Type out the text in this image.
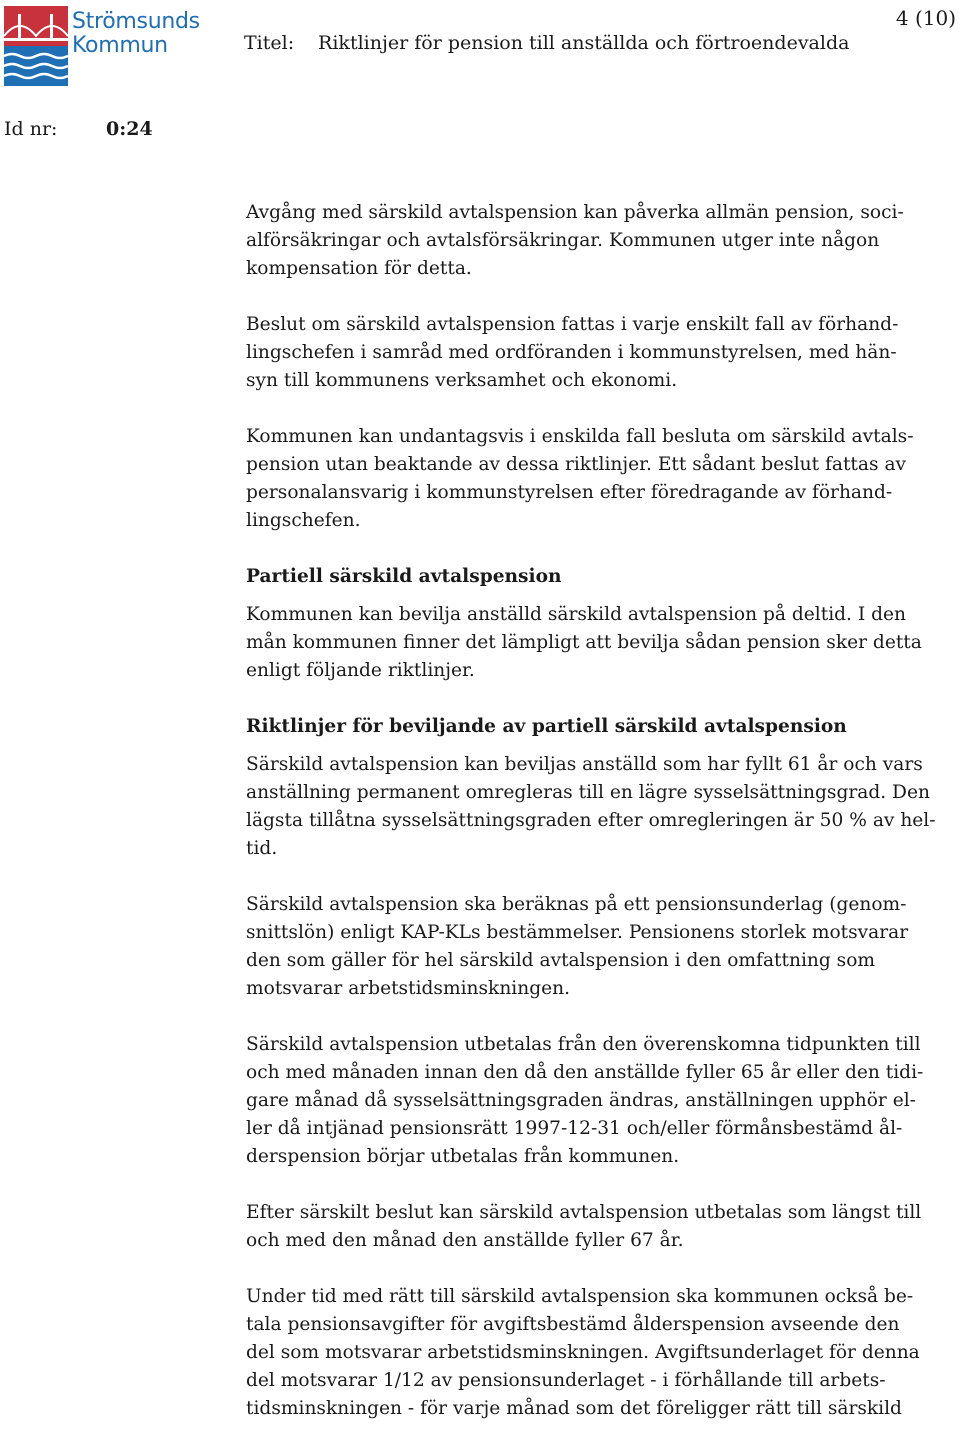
Strömsunds
Kommun
4 (10)
Titel: Riktlinjer för pension till anställda och förtroendevalda
Id nr:	0:24

Avgång med särskild avtalspension kan påverka allmän pension, soci-
alförsäkringar och avtalsförsäkringar. Kommunen utger inte någon
kompensation för detta.

Beslut om särskild avtalspension fattas i varje enskilt fall av förhand-
lingschefen i samråd med ordföranden i kommunstyrelsen, med hän-
syn till kommunens verksamhet och ekonomi.

Kommunen kan undantagsvis i enskilda fall besluta om särskild avtals-
pension utan beaktande av dessa riktlinjer. Ett sådant beslut fattas av
personalansvarig i kommunstyrelsen efter föredragande av förhand-
lingschefen.

Partiell särskild avtalspension

Kommunen kan bevilja anställd särskild avtalspension på deltid. I den
mån kommunen finner det lämpligt att bevilja sådan pension sker detta
enligt följande riktlinjer.

Riktlinjer för beviljande av partiell särskild avtalspension

Särskild avtalspension kan beviljas anställd som har fyllt 61 år och vars
anställning permanent omregleras till en lägre sysselsättningsgrad. Den
lägsta tillåtna sysselsättningsgraden efter omregleringen är 50 % av hel-
tid.

Särskild avtalspension ska beräknas på ett pensionsunderlag (genom-
snittslön) enligt KAP-KLs bestämmelser. Pensionens storlek motsvarar
den som gäller för hel särskild avtalspension i den omfattning som
motsvarar arbetstidsminskningen.

Särskild avtalspension utbetalas från den överenskomna tidpunkten till
och med månaden innan den då den anställde fyller 65 år eller den tidi-
gare månad då sysselsättningsgraden ändras, anställningen upphör el-
ler då intjänad pensionsrätt 1997-12-31 och/eller förmånsbestämd ål-
derspension börjar utbetalas från kommunen.

Efter särskilt beslut kan särskild avtalspension utbetalas som längst till
och med den månad den anställde fyller 67 år.

Under tid med rätt till särskild avtalspension ska kommunen också be-
tala pensionsavgifter för avgiftsbestämd ålderspension avseende den
del som motsvarar arbetstidsminskningen. Avgiftsunderlaget för denna
del motsvarar 1/12 av pensionsunderlaget - i förhållande till arbets-
tidsminskningen - för varje månad som det föreligger rätt till särskild
